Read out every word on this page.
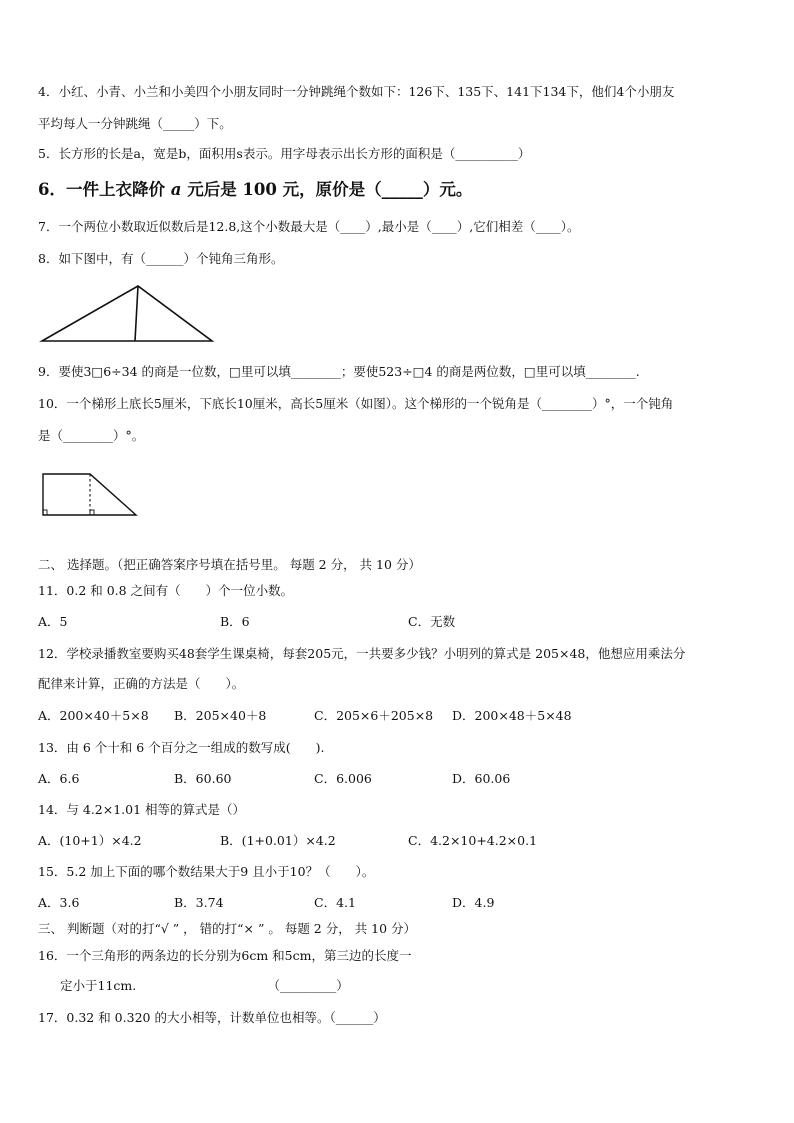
4．小红、小青、小兰和小美四个小朋友同时一分钟跳绳个数如下：126下、135下、141下134下，他们4个小朋友
平均每人一分钟跳绳（_____）下。
5．长方形的长是a，宽是b，面积用s表示。用字母表示出长方形的面积是（__________）
6．一件上衣降价 a 元后是 100 元，原价是（_____）元。
7．一个两位小数取近似数后是12.8,这个小数最大是（____）,最小是（____）,它们相差（____）。
8．如下图中，有（______）个钝角三角形。
9．要使3□6÷34 的商是一位数，□里可以填________；要使523÷□4 的商是两位数，□里可以填________.
10．一个梯形上底长5厘米，下底长10厘米，高长5厘米（如图）。这个梯形的一个锐角是（________）°，一个钝角
是（________）°。
二、 选择题。（把正确答案序号填在括号里。 每题 2 分， 共 10 分）
11．0.2 和 0.8 之间有（　　）个一位小数。
A．5	B．6	C．无数
12．学校录播教室要购买48套学生课桌椅，每套205元，一共要多少钱？小明列的算式是 205×48，他想应用乘法分
配律来计算，正确的方法是（　　）。
A．200×40＋5×8 B．205×40＋8	C．205×6＋205×8 D．200×48＋5×48
13．由 6 个十和 6 个百分之一组成的数写成(　　).
A．6.6	B．60.60	C．6.006	D．60.06
14．与 4.2×1.01 相等的算式是（）
A．(10+1）×4.2	B．(1+0.01）×4.2	C．4.2×10+4.2×0.1
15．5.2 加上下面的哪个数结果大于9 且小于10？（　　）。
A．3.6	B．3.74	C．4.1	D．4.9
三、 判断题（对的打“√ ” ， 错的打“× ” 。 每题 2 分， 共 10 分）
16．一个三角形的两条边的长分别为6cm 和5cm，第三边的长度一
定小于11cm.　　　　　　　　　　　（_________）
17．0.32 和 0.320 的大小相等，计数单位也相等。（______）
